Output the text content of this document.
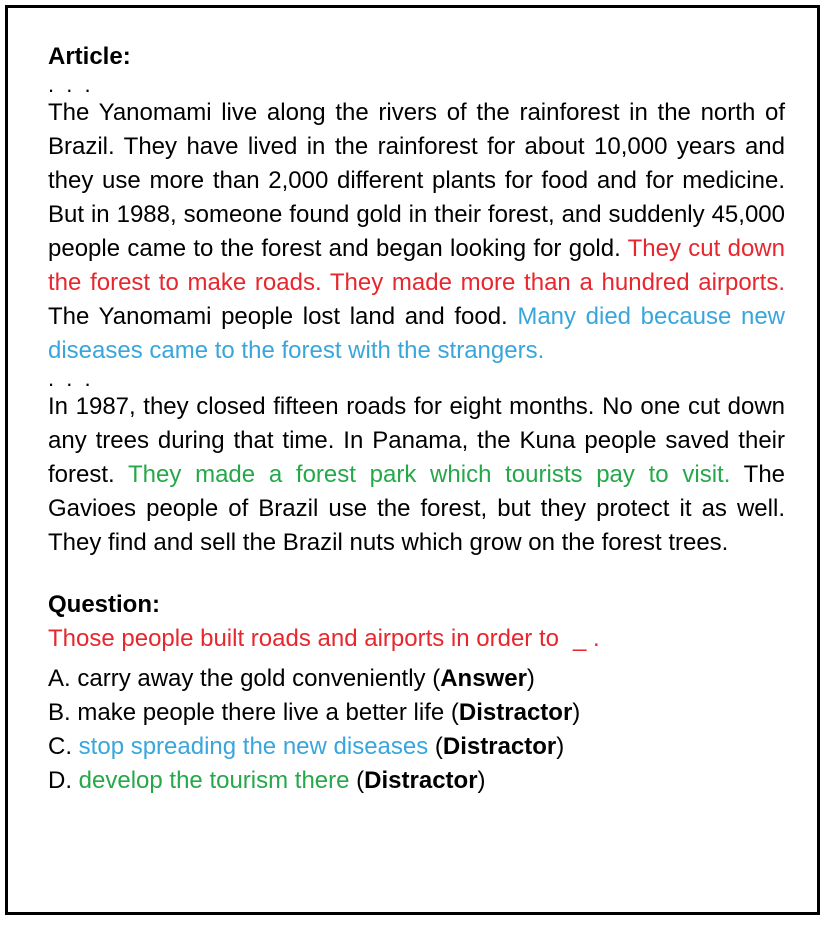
Article:

. . .

The Yanomami live along the rivers of the rainforest in the north of Brazil. They have lived in the rainforest for about 10,000 years and they use more than 2,000 different plants for food and for medicine. But in 1988, someone found gold in their forest, and suddenly 45,000 people came to the forest and began looking for gold. They cut down the forest to make roads. They made more than a hundred airports. The Yanomami people lost land and food. Many died because new diseases came to the forest with the strangers.

. . .

In 1987, they closed fifteen roads for eight months. No one cut down any trees during that time. In Panama, the Kuna people saved their forest. They made a forest park which tourists pay to visit. The Gavioes people of Brazil use the forest, but they protect it as well. They find and sell the Brazil nuts which grow on the forest trees.

Question:

Those people built roads and airports in order to _ .

A. carry away the gold conveniently (Answer)

B. make people there live a better life (Distractor)

C. stop spreading the new diseases (Distractor)

D. develop the tourism there (Distractor)
